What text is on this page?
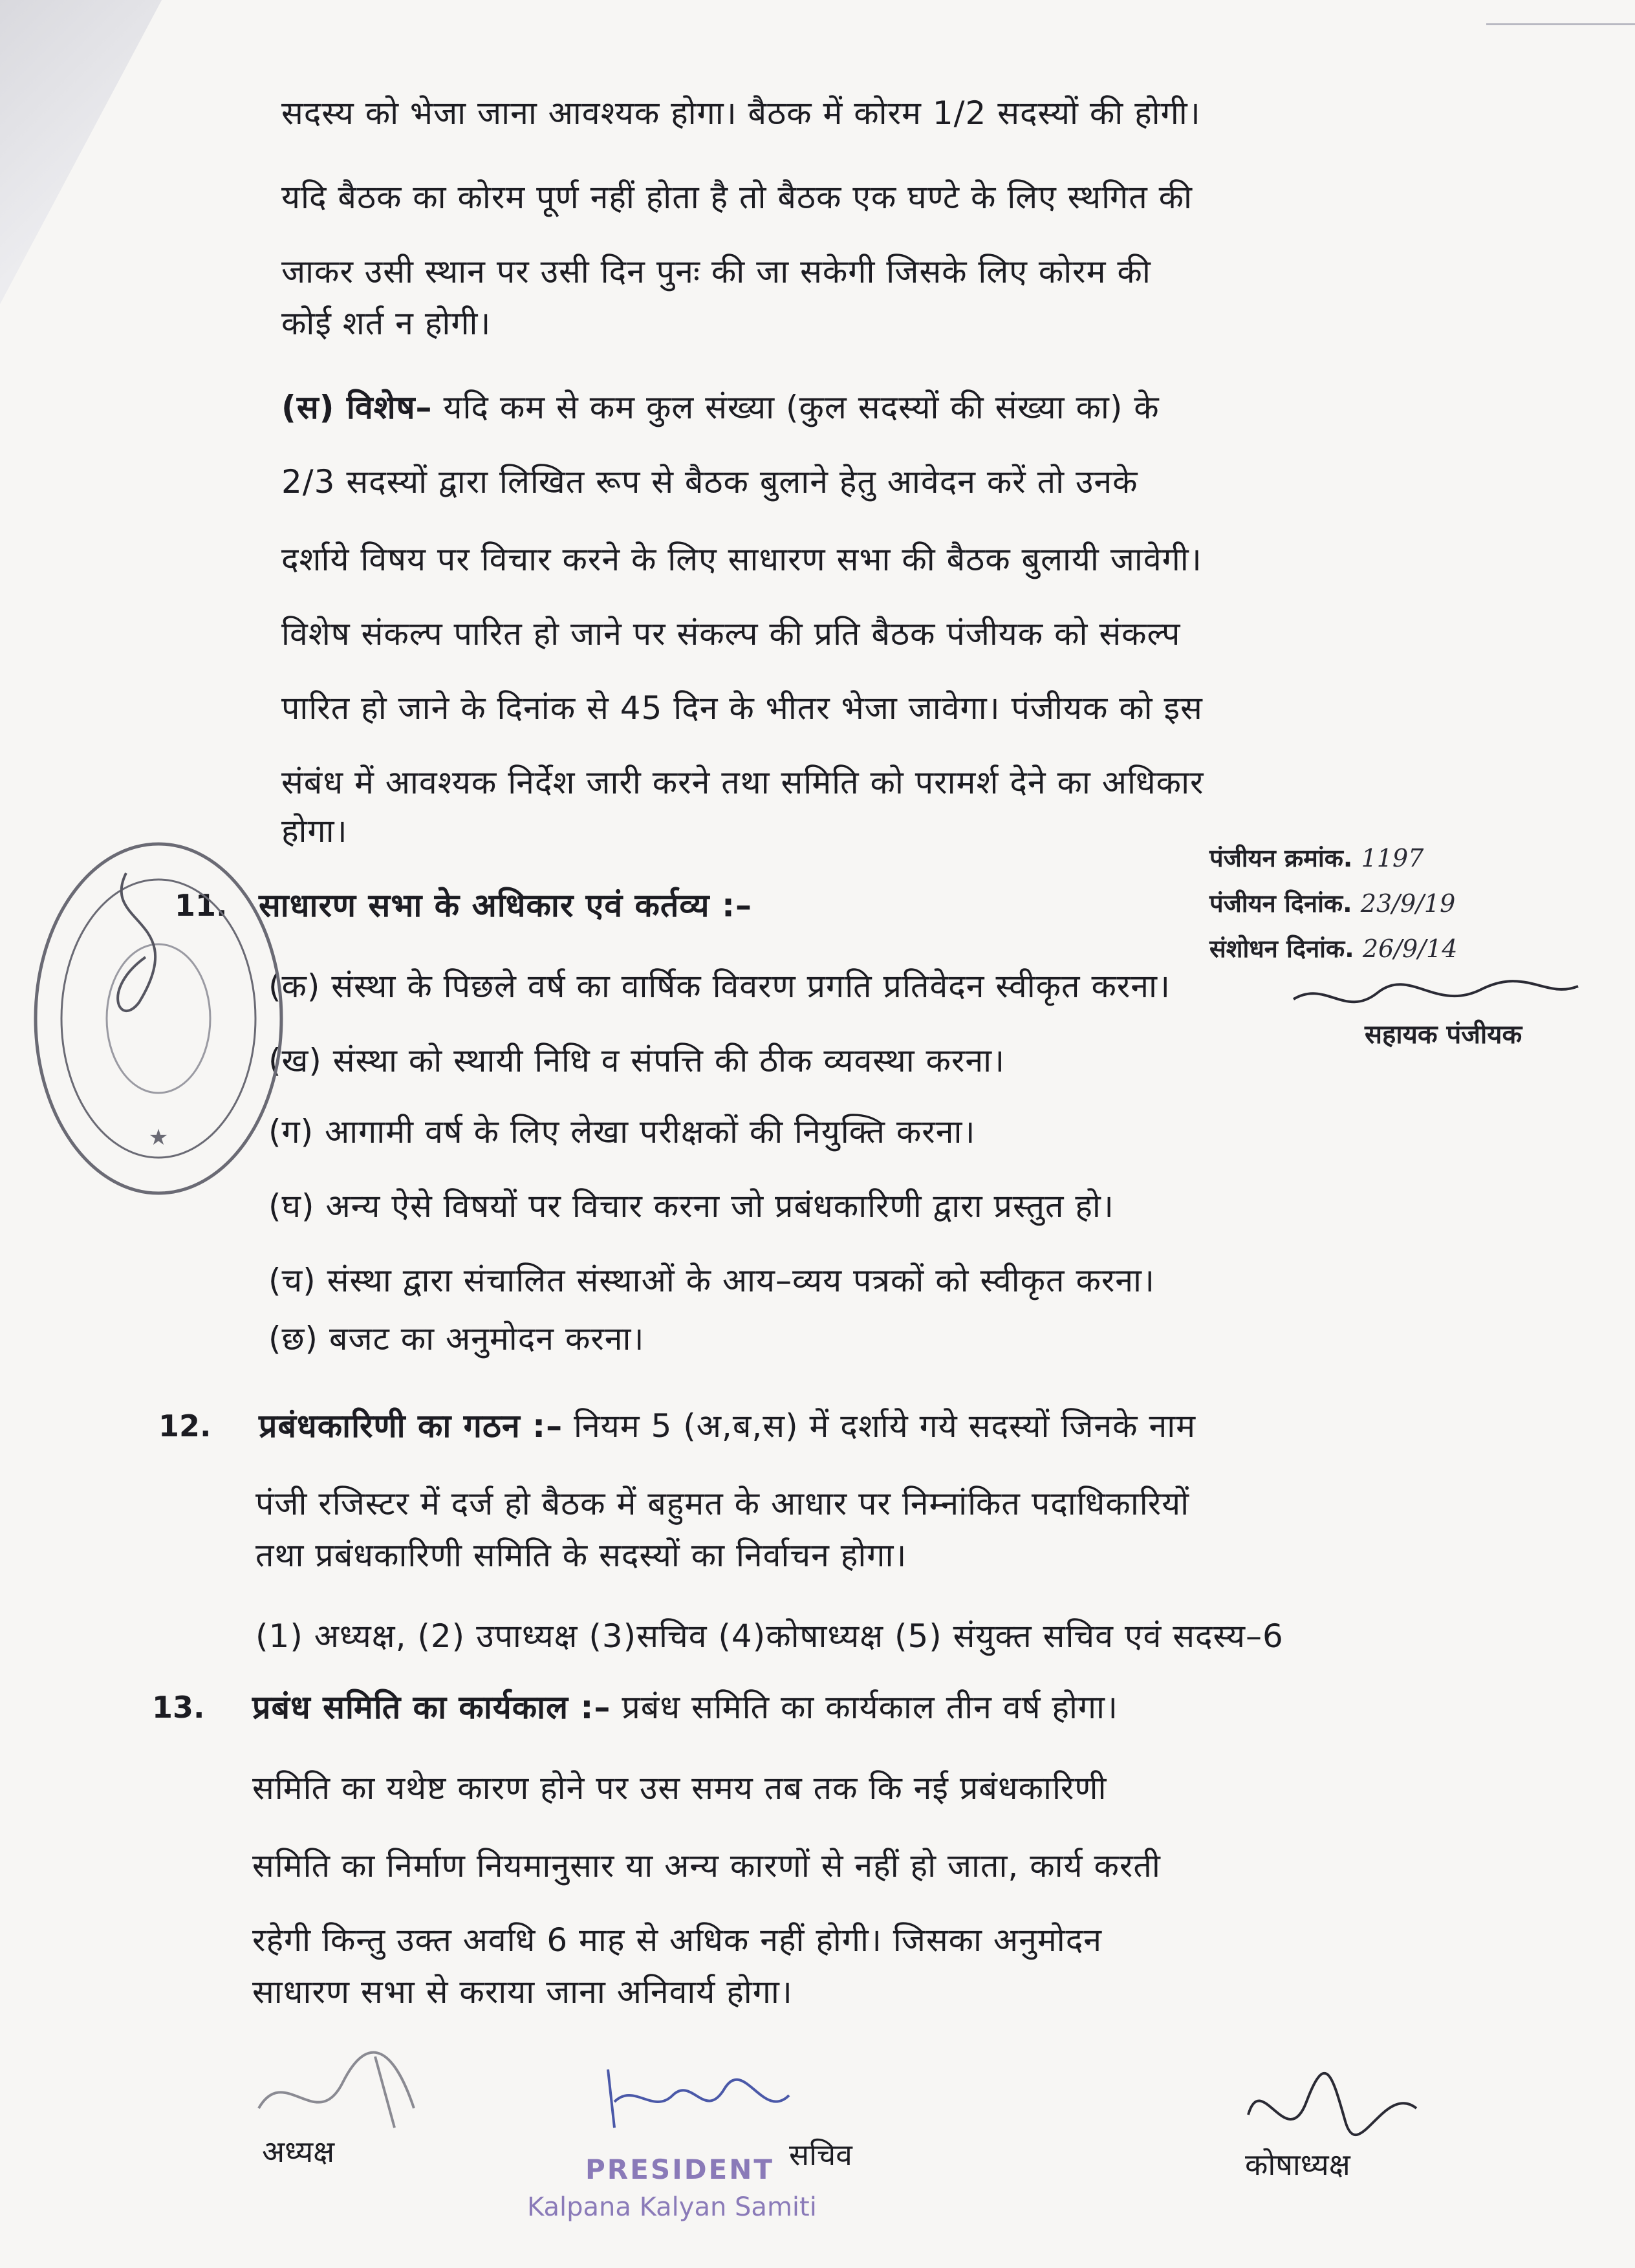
सदस्य को भेजा जाना आवश्यक होगा। बैठक में कोरम 1/2 सदस्यों की होगी।
यदि बैठक का कोरम पूर्ण नहीं होता है तो बैठक एक घण्टे के लिए स्थगित की
जाकर उसी स्थान पर उसी दिन पुनः की जा सकेगी जिसके लिए कोरम की
कोई शर्त न होगी।
(स) विशेष– यदि कम से कम कुल संख्या (कुल सदस्यों की संख्या का) के
2/3 सदस्यों द्वारा लिखित रूप से बैठक बुलाने हेतु आवेदन करें तो उनके
दर्शाये विषय पर विचार करने के लिए साधारण सभा की बैठक बुलायी जावेगी।
विशेष संकल्प पारित हो जाने पर संकल्प की प्रति बैठक पंजीयक को संकल्प
पारित हो जाने के दिनांक से 45 दिन के भीतर भेजा जावेगा। पंजीयक को इस
संबंध में आवश्यक निर्देश जारी करने तथा समिति को परामर्श देने का अधिकार
होगा।
11. साधारण सभा के अधिकार एवं कर्तव्य :–
(क) संस्था के पिछले वर्ष का वार्षिक विवरण प्रगति प्रतिवेदन स्वीकृत करना।
(ख) संस्था को स्थायी निधि व संपत्ति की ठीक व्यवस्था करना।
(ग) आगामी वर्ष के लिए लेखा परीक्षकों की नियुक्ति करना।
(घ) अन्य ऐसे विषयों पर विचार करना जो प्रबंधकारिणी द्वारा प्रस्तुत हो।
(च) संस्था द्वारा संचालित संस्थाओं के आय–व्यय पत्रकों को स्वीकृत करना।
(छ) बजट का अनुमोदन करना।
12. प्रबंधकारिणी का गठन :– नियम 5 (अ,ब,स) में दर्शाये गये सदस्यों जिनके नाम
पंजी रजिस्टर में दर्ज हो बैठक में बहुमत के आधार पर निम्नांकित पदाधिकारियों
तथा प्रबंधकारिणी समिति के सदस्यों का निर्वाचन होगा।
(1) अध्यक्ष, (2) उपाध्यक्ष (3)सचिव (4)कोषाध्यक्ष (5) संयुक्त सचिव एवं सदस्य–6
13. प्रबंध समिति का कार्यकाल :– प्रबंध समिति का कार्यकाल तीन वर्ष होगा।
समिति का यथेष्ट कारण होने पर उस समय तब तक कि नई प्रबंधकारिणी
समिति का निर्माण नियमानुसार या अन्य कारणों से नहीं हो जाता, कार्य करती
रहेगी किन्तु उक्त अवधि 6 माह से अधिक नहीं होगी। जिसका अनुमोदन
साधारण सभा से कराया जाना अनिवार्य होगा।
★
पंजीयन क्रमांक. 1197
पंजीयन दिनांक. 23/9/19
संशोधन दिनांक. 26/9/14
सहायक पंजीयक
अध्यक्ष
PRESIDENT
Kalpana Kalyan Samiti
सचिव	कोषाध्यक्ष
